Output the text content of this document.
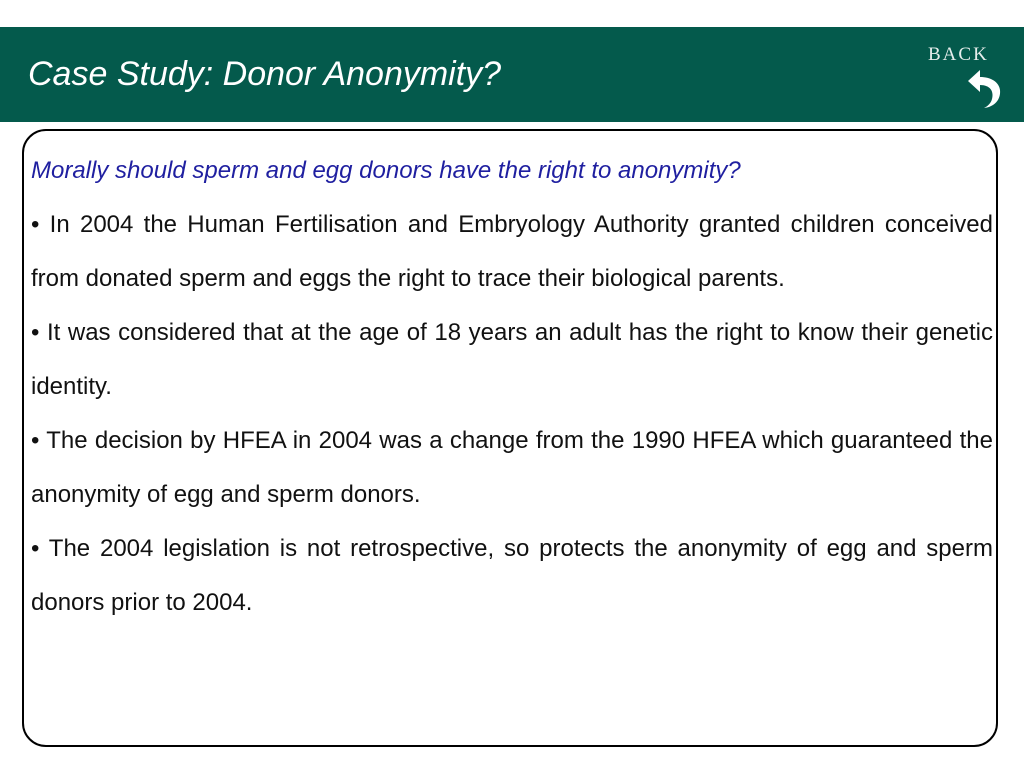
Case Study: Donor Anonymity?
BACK

Morally should sperm and egg donors have the right to anonymity?

• In 2004 the Human Fertilisation and Embryology Authority granted children conceived from donated sperm and eggs the right to trace their biological parents.
• It was considered that at the age of 18 years an adult has the right to know their genetic identity.
• The decision by HFEA in 2004 was a change from the 1990 HFEA which guaranteed the anonymity of egg and sperm donors.
• The 2004 legislation is not retrospective, so protects the anonymity of egg and sperm donors prior to 2004.
